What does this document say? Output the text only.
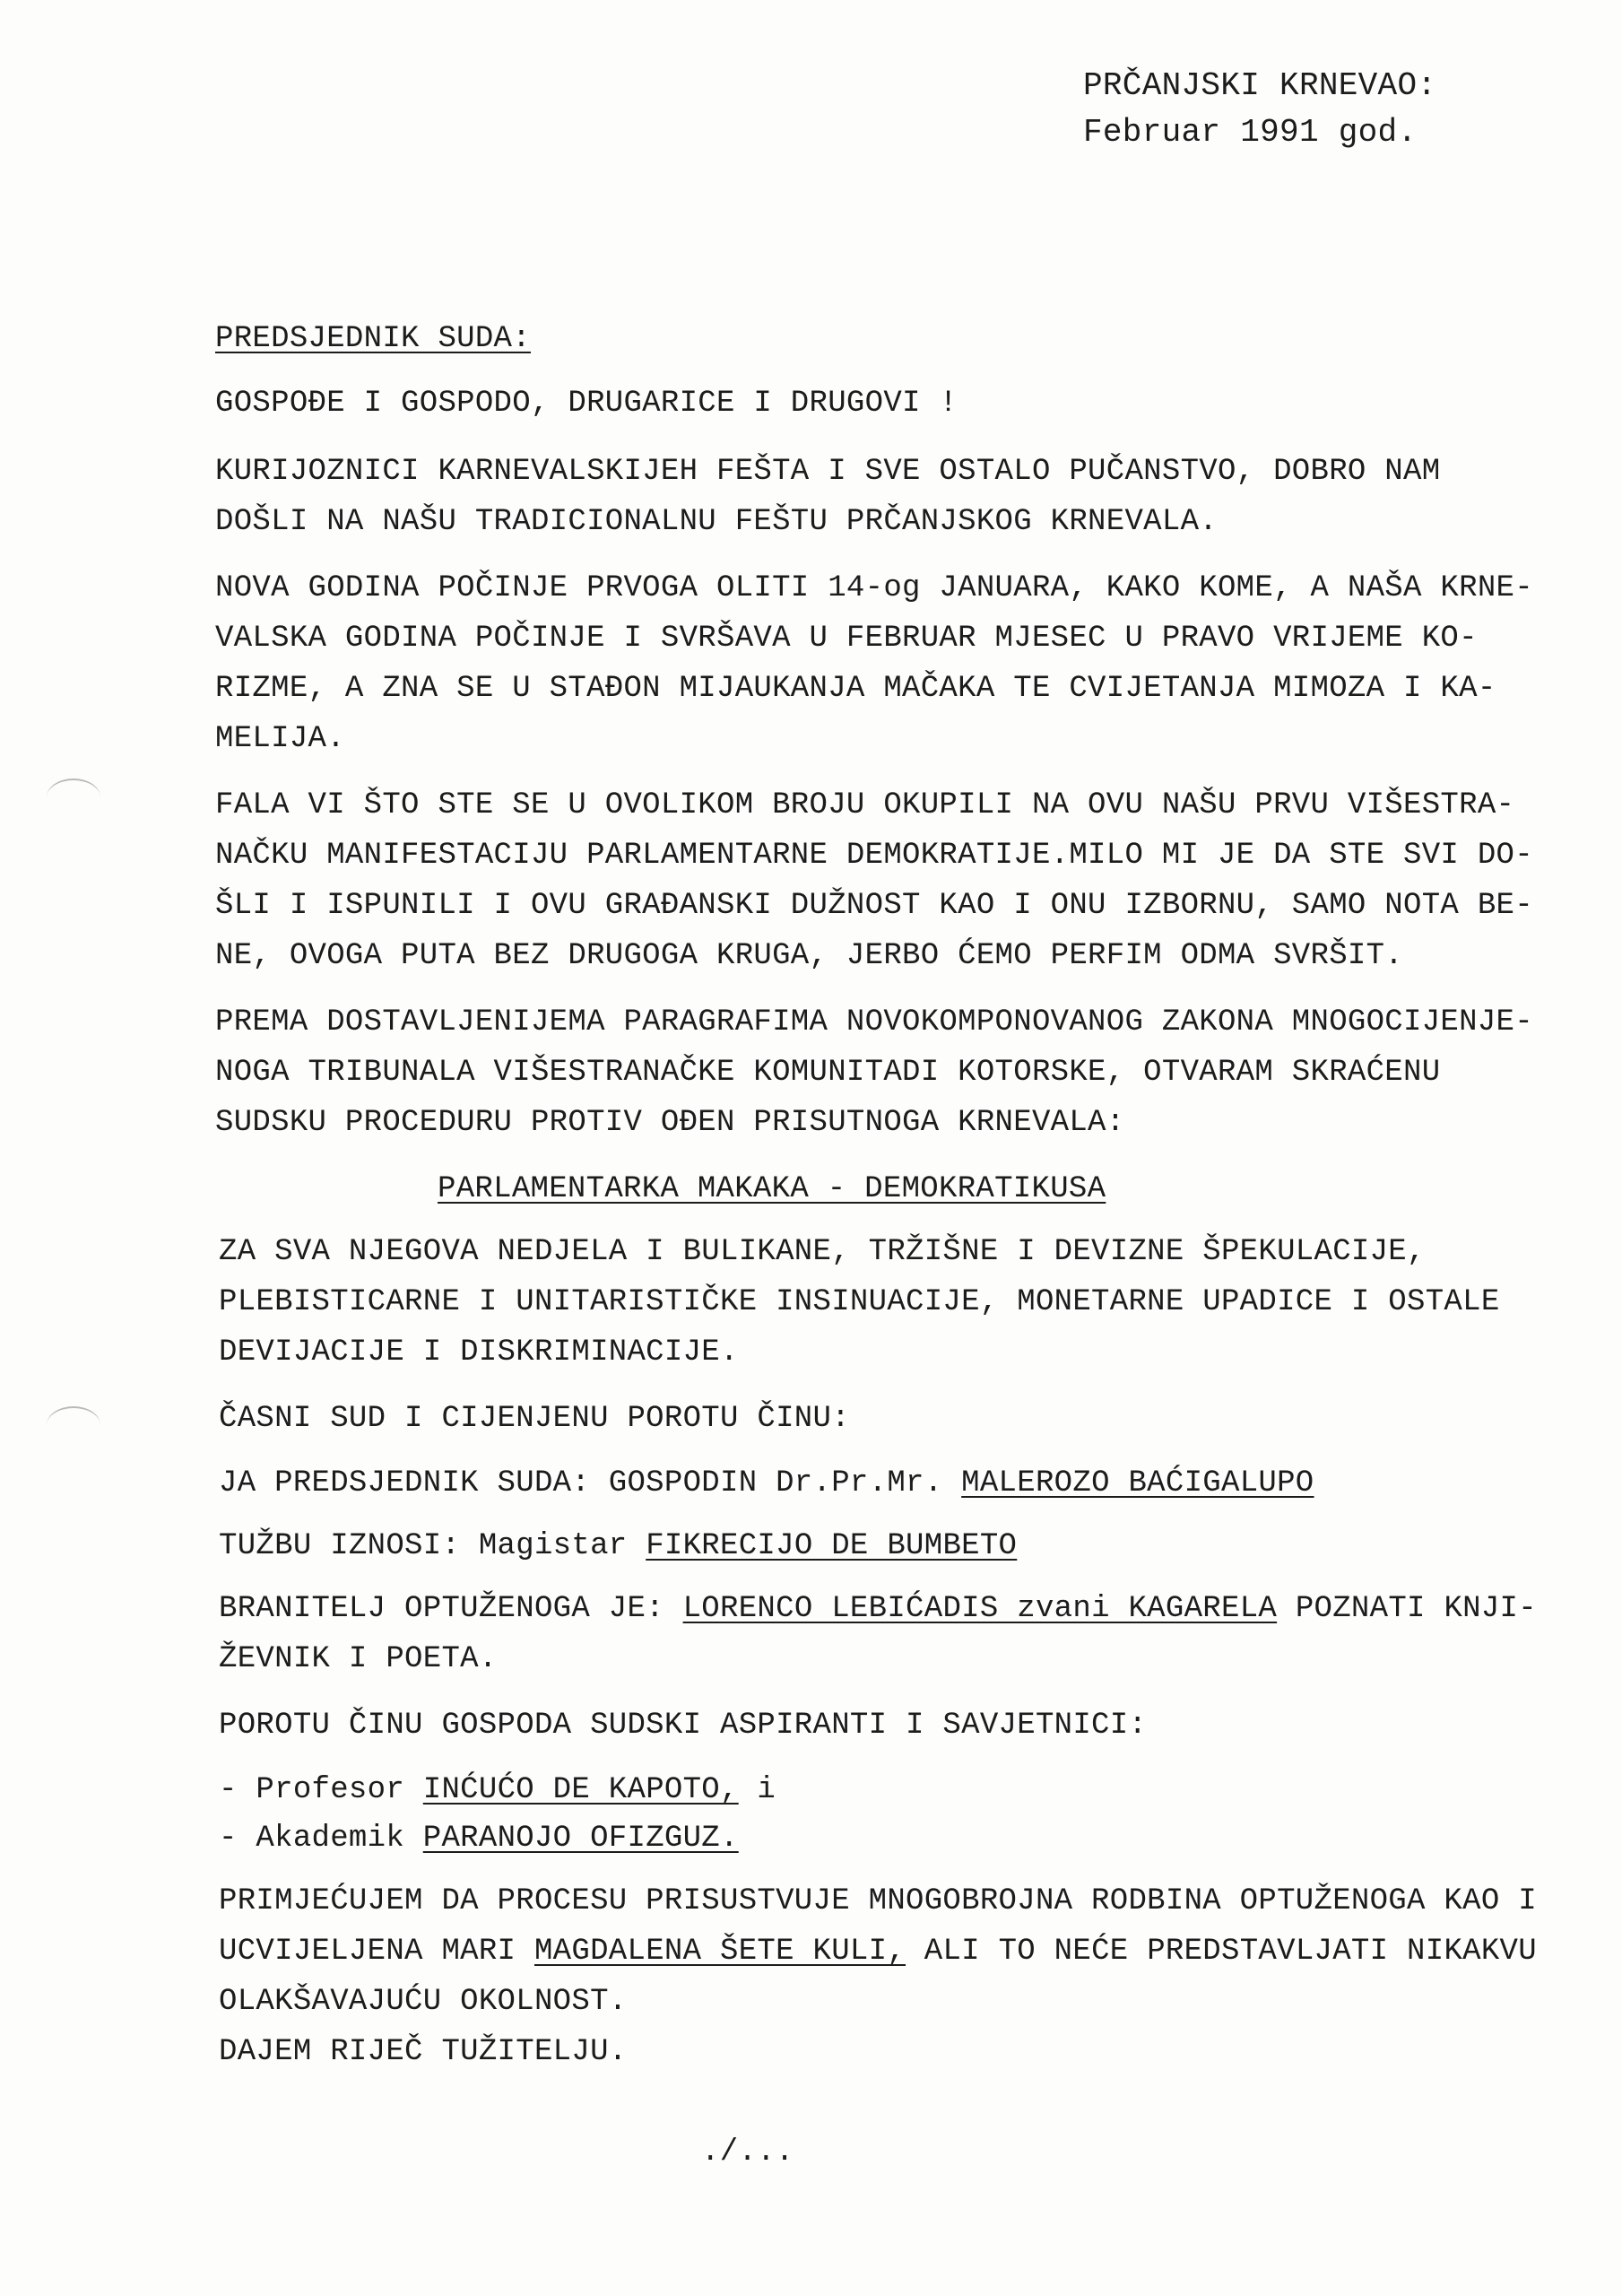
PRČANJSKI KRNEVAO:
Februar 1991 god.
PREDSJEDNIK SUDA:
GOSPOĐE I GOSPODO, DRUGARICE I DRUGOVI !
KURIJOZNICI KARNEVALSKIJEH FEŠTA I SVE OSTALO PUČANSTVO, DOBRO NAM
DOŠLI NA NAŠU TRADICIONALNU FEŠTU PRČANJSKOG KRNEVALA.
NOVA GODINA POČINJE PRVOGA OLITI 14-og JANUARA, KAKO KOME, A NAŠA KRNE-
VALSKA GODINA POČINJE I SVRŠAVA U FEBRUAR MJESEC U PRAVO VRIJEME KO-
RIZME, A ZNA SE U STAĐON MIJAUKANJA MAČAKA TE CVIJETANJA MIMOZA I KA-
MELIJA.
FALA VI ŠTO STE SE U OVOLIKOM BROJU OKUPILI NA OVU NAŠU PRVU VIŠESTRA-
NAČKU MANIFESTACIJU PARLAMENTARNE DEMOKRATIJE.MILO MI JE DA STE SVI DO-
ŠLI I ISPUNILI I OVU GRAĐANSKI DUŽNOST KAO I ONU IZBORNU, SAMO NOTA BE-
NE, OVOGA PUTA BEZ DRUGOGA KRUGA, JERBO ĆEMO PERFIM ODMA SVRŠIT.
PREMA DOSTAVLJENIJEMA PARAGRAFIMA NOVOKOMPONOVANOG ZAKONA MNOGOCIJENJE-
NOGA TRIBUNALA VIŠESTRANAČKE KOMUNITADI KOTORSKE, OTVARAM SKRAĆENU
SUDSKU PROCEDURU PROTIV OĐEN PRISUTNOGA KRNEVALA:
PARLAMENTARKA MAKAKA - DEMOKRATIKUSA
ZA SVA NJEGOVA NEDJELA I BULIKANE, TRŽIŠNE I DEVIZNE ŠPEKULACIJE,
PLEBISTICARNE I UNITARISTIČKE INSINUACIJE, MONETARNE UPADICE I OSTALE
DEVIJACIJE I DISKRIMINACIJE.
ČASNI SUD I CIJENJENU POROTU ČINU:
JA PREDSJEDNIK SUDA: GOSPODIN Dr.Pr.Mr. MALEROZO BAĆIGALUPO
TUŽBU IZNOSI: Magistar FIKRECIJO DE BUMBETO
BRANITELJ OPTUŽENOGA JE: LORENCO LEBIĆADIS zvani KAGARELA POZNATI KNJI-
ŽEVNIK I POETA.
POROTU ČINU GOSPODA SUDSKI ASPIRANTI I SAVJETNICI:
- Profesor INĆUĆO DE KAPOTO, i
- Akademik PARANOJO OFIZGUZ.
PRIMJEĆUJEM DA PROCESU PRISUSTVUJE MNOGOBROJNA RODBINA OPTUŽENOGA KAO I
UCVIJELJENA MARI MAGDALENA ŠETE KULI, ALI TO NEĆE PREDSTAVLJATI NIKAKVU
OLAKŠAVAJUĆU OKOLNOST.
DAJEM RIJEČ TUŽITELJU.
./...
